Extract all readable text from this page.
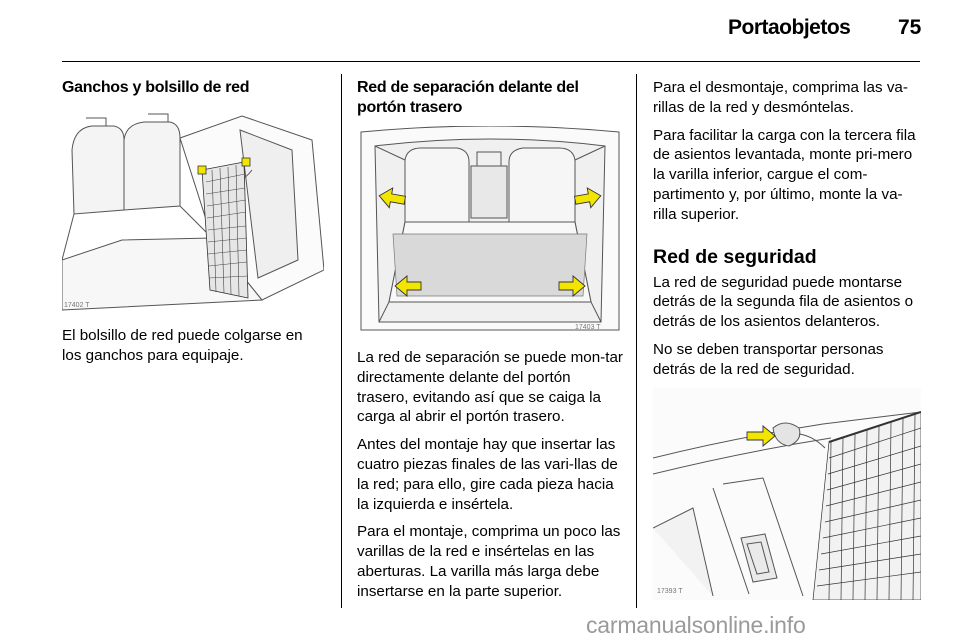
Portaobjetos 75
Ganchos y bolsillo de red
17402 T

El bolsillo de red puede colgarse en los ganchos para equipaje.

Red de separación delante del portón trasero
17403 T

La red de separación se puede mon-tar directamente delante del portón trasero, evitando así que se caiga la carga al abrir el portón trasero.

Antes del montaje hay que insertar las cuatro piezas finales de las vari-llas de la red; para ello, gire cada pieza hacia la izquierda e insértela.

Para el montaje, comprima un poco las varillas de la red e insértelas en las aberturas. La varilla más larga debe insertarse en la parte superior.

Para el desmontaje, comprima las va-rillas de la red y desmóntelas.

Para facilitar la carga con la tercera fila de asientos levantada, monte pri-mero la varilla inferior, cargue el com-partimento y, por último, monte la va-rilla superior.

Red de seguridad

La red de seguridad puede montarse detrás de la segunda fila de asientos o detrás de los asientos delanteros.

No se deben transportar personas detrás de la red de seguridad.

17393 T
carmanualsonline.info
